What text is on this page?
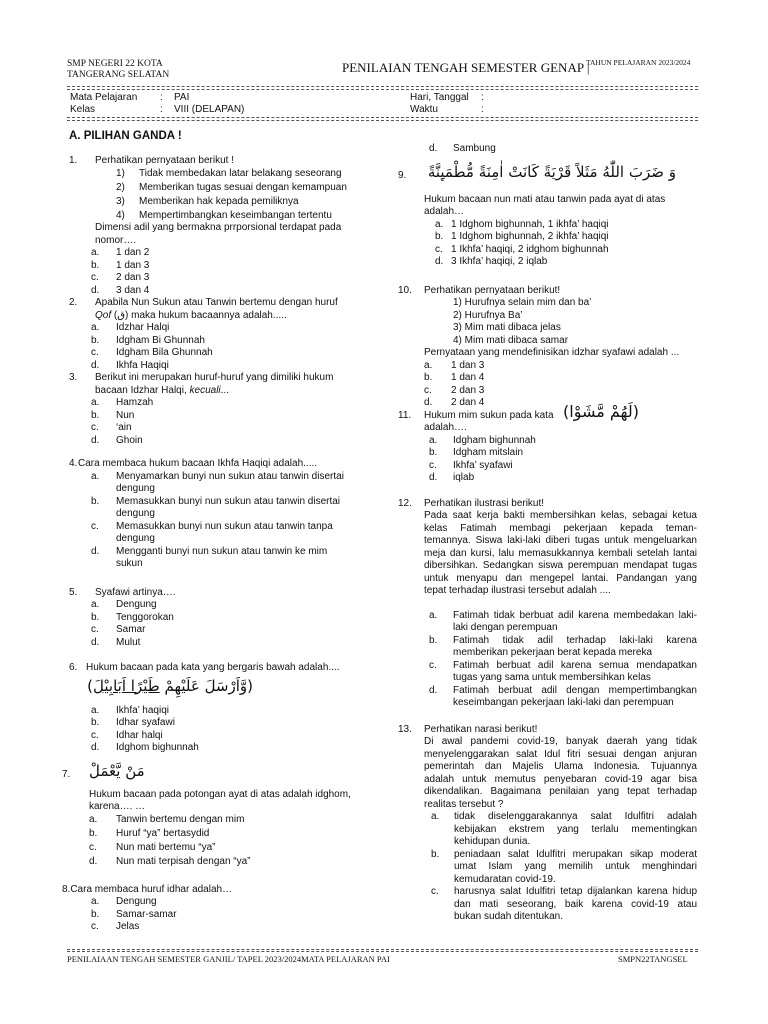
SMP NEGERI 22 KOTA
TANGERANG SELATAN	PENILAIAN TENGAH SEMESTER GENAP |
TAHUN PELAJARAN 2023/2024
Mata Pelajaran : PAI
Kelas	: VIII (DELAPAN)
Hari, Tanggal :
Waktu	:
A. PILIHAN GANDA !
1. Perhatikan pernyataan berikut !
1) Tidak membedakan latar belakang seseorang
2) Memberikan tugas sesuai dengan kemampuan
3) Memberikan hak kepada pemiliknya
4) Mempertimbangkan keseimbangan tertentu
Dimensi adil yang bermakna prrporsional terdapat pada
nomor….
a. 1 dan 2
b. 1 dan 3
c. 2 dan 3
d. 3 dan 4
2. Apabila Nun Sukun atau Tanwin bertemu dengan huruf
Qof (ق) maka hukum bacaannya adalah.....
a. Idzhar Halqi
b. Idgham Bi Ghunnah
c. Idgham Bila Ghunnah
d. Ikhfa Haqiqi
3. Berikut ini merupakan huruf-huruf yang dimiliki hukum
bacaan Idzhar Halqi, kecuali...
a. Hamzah
b. Nun
c. ‘ain
d. Ghoin
4. Cara membaca hukum bacaan Ikhfa Haqiqi adalah.....
a. Menyamarkan bunyi nun sukun atau tanwin disertai
dengung
b. Memasukkan bunyi nun sukun atau tanwin disertai
dengung
c. Memasukkan bunyi nun sukun atau tanwin tanpa
dengung
d. Mengganti bunyi nun sukun atau tanwin ke mim
sukun
5. Syafawi artinya….
a. Dengung
b. Tenggorokan
c. Samar
d. Mulut
6. Hukum bacaan pada kata yang bergaris bawah adalah....
(وَّاَرْسَلَ عَلَيْهِمْ طَيْرًا اَبَابِيْلَ)
a. Ikhfa’ haqiqi
b. Idhar syafawi
c. Idhar halqi
d. Idghom bighunnah
7. مَنْ يَّعْمَلْ
Hukum bacaan pada potongan ayat di atas adalah idghom,
karena…. …
a. Tanwin bertemu dengan mim
b. Huruf “ya” bertasydid
c. Nun mati bertemu “ya”
d. Nun mati terpisah dengan “ya”
8.Cara membaca huruf idhar adalah…
a. Dengung
b. Samar-samar
c. Jelas
d. Sambung
9. وَ ضَرَبَ اللّٰهُ مَثَلاً قَرْيَةً كَانَتْ اٰمِنَةً مُّطْمَىِٕنَّةً
Hukum bacaan nun mati atau tanwin pada ayat di atas
adalah…
a. 1 Idghom bighunnah, 1 ikhfa’ haqiqi
b. 1 Idghom bighunnah, 2 ikhfa’ haqiqi
c. 1 Ikhfa’ haqiqi, 2 idghom bighunnah
d. 3 Ikhfa’ haqiqi, 2 iqlab
10. Perhatikan pernyataan berikut!
1) Hurufnya selain mim dan ba’
2) Hurufnya Ba’
3) Mim mati dibaca jelas
4) Mim mati dibaca samar
Pernyataan yang mendefinisikan idzhar syafawi adalah ...
a. 1 dan 3
b. 1 dan 4
c. 2 dan 3
d. 2 dan 4
11. Hukum mim sukun pada kata (لَهُمْ مَّشَوْا)
adalah….
a. Idgham bighunnah
b. Idgham mitslain
c. Ikhfa’ syafawi
d. iqlab
12. Perhatikan ilustrasi berikut!
Pada saat kerja bakti membersihkan kelas, sebagai ketua
kelas Fatimah membagi pekerjaan kepada teman-
temannya. Siswa laki-laki diberi tugas untuk mengeluarkan
meja dan kursi, lalu memasukkannya kembali setelah lantai
dibersihkan. Sedangkan siswa perempuan mendapat tugas
untuk menyapu dan mengepel lantai. Pandangan yang
tepat terhadap ilustrasi tersebut adalah ....
a. Fatimah tidak berbuat adil karena membedakan laki-
laki dengan perempuan
b. Fatimah tidak adil terhadap laki-laki karena
memberikan pekerjaan berat kepada mereka
c. Fatimah berbuat adil karena semua mendapatkan
tugas yang sama untuk membersihkan kelas
d. Fatimah berbuat adil dengan mempertimbangkan
keseimbangan pekerjaan laki-laki dan perempuan
13. Perhatikan narasi berikut!
Di awal pandemi covid-19, banyak daerah yang tidak
menyelenggarakan salat Idul fitri sesuai dengan anjuran
pemerintah dan Majelis Ulama Indonesia. Tujuannya
adalah untuk memutus penyebaran covid-19 agar bisa
dikendalikan. Bagaimana penilaian yang tepat terhadap
realitas tersebut ?
a. tidak diselenggarakannya salat Idulfitri adalah
kebijakan ekstrem yang terlalu mementingkan
kehidupan dunia.
b. peniadaan salat Idulfitri merupakan sikap moderat
umat Islam yang memilih untuk menghindari
kemudaratan covid-19.
c. harusnya salat Idulfitri tetap dijalankan karena hidup
dan mati seseorang, baik karena covid-19 atau
bukan sudah ditentukan.
PENILAIAAN TENGAH SEMESTER GANJIL/ TAPEL 2023/2024MATA PELAJARAN PAI	SMPN22TANGSEL
